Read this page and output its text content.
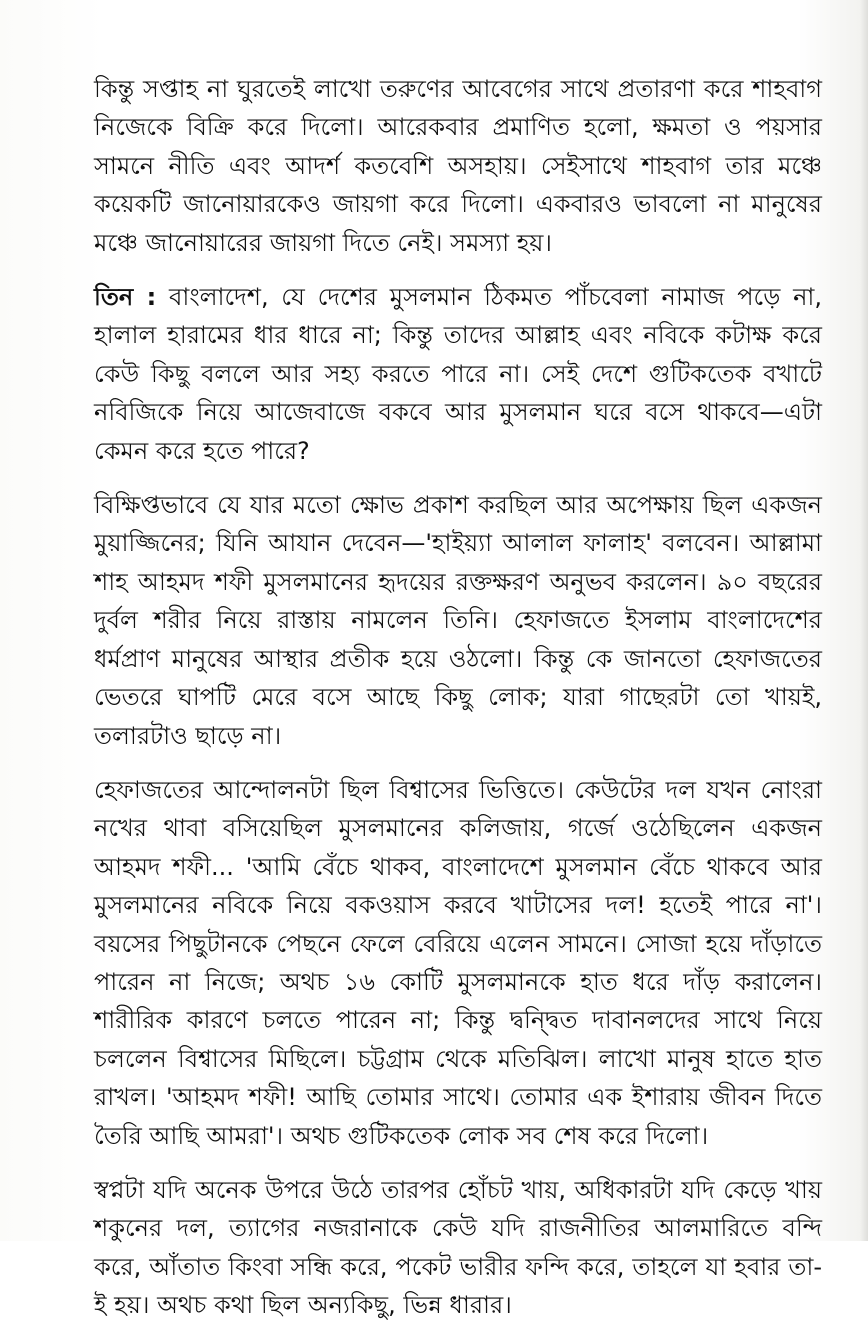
কিন্তু সপ্তাহ না ঘুরতেই লাখো তরুণের আবেগের সাথে প্রতারণা করে শাহবাগ নিজেকে বিক্রি করে দিলো। আরেকবার প্রমাণিত হলো, ক্ষমতা ও পয়সার সামনে নীতি এবং আদর্শ কতবেশি অসহায়। সেইসাথে শাহবাগ তার মঞ্চে কয়েকটি জানোয়ারকেও জায়গা করে দিলো। একবারও ভাবলো না মানুষের মঞ্চে জানোয়ারের জায়গা দিতে নেই। সমস্যা হয়।

তিন : বাংলাদেশ, যে দেশের মুসলমান ঠিকমত পাঁচবেলা নামাজ পড়ে না, হালাল হারামের ধার ধারে না; কিন্তু তাদের আল্লাহ এবং নবিকে কটাক্ষ করে কেউ কিছু বললে আর সহ্য করতে পারে না। সেই দেশে গুটিকতেক বখাটে নবিজিকে নিয়ে আজেবাজে বকবে আর মুসলমান ঘরে বসে থাকবে—এটা কেমন করে হতে পারে?

বিক্ষিপ্তভাবে যে যার মতো ক্ষোভ প্রকাশ করছিল আর অপেক্ষায় ছিল একজন মুয়াজ্জিনের; যিনি আযান দেবেন—'হাইয়্যা আলাল ফালাহ' বলবেন। আল্লামা শাহ আহমদ শফী মুসলমানের হৃদয়ের রক্তক্ষরণ অনুভব করলেন। ৯০ বছরের দুর্বল শরীর নিয়ে রাস্তায় নামলেন তিনি। হেফাজতে ইসলাম বাংলাদেশের ধর্মপ্রাণ মানুষের আস্থার প্রতীক হয়ে ওঠলো। কিন্তু কে জানতো হেফাজতের ভেতরে ঘাপটি মেরে বসে আছে কিছু লোক; যারা গাছেরটা তো খায়ই, তলারটাও ছাড়ে না।

হেফাজতের আন্দোলনটা ছিল বিশ্বাসের ভিত্তিতে। কেউটের দল যখন নোংরা নখের থাবা বসিয়েছিল মুসলমানের কলিজায়, গর্জে ওঠেছিলেন একজন আহমদ শফী... 'আমি বেঁচে থাকব, বাংলাদেশে মুসলমান বেঁচে থাকবে আর মুসলমানের নবিকে নিয়ে বকওয়াস করবে খাটাসের দল! হতেই পারে না'। বয়সের পিছুটানকে পেছনে ফেলে বেরিয়ে এলেন সামনে। সোজা হয়ে দাঁড়াতে পারেন না নিজে; অথচ ১৬ কোটি মুসলমানকে হাত ধরে দাঁড় করালেন। শারীরিক কারণে চলতে পারেন না; কিন্তু দ্বন্দ্বিত দাবানলদের সাথে নিয়ে চললেন বিশ্বাসের মিছিলে। চট্টগ্রাম থেকে মতিঝিল। লাখো মানুষ হাতে হাত রাখল। 'আহমদ শফী! আছি তোমার সাথে। তোমার এক ইশারায় জীবন দিতে তৈরি আছি আমরা'। অথচ গুটিকতেক লোক সব শেষ করে দিলো।

স্বপ্নটা যদি অনেক উপরে উঠে তারপর হোঁচট খায়, অধিকারটা যদি কেড়ে খায় শকুনের দল, ত্যাগের নজরানাকে কেউ যদি রাজনীতির আলমারিতে বন্দি করে, আঁতাত কিংবা সন্ধি করে, পকেট ভারীর ফন্দি করে, তাহলে যা হবার তা-ই হয়। অথচ কথা ছিল অন্যকিছু, ভিন্ন ধারার।
